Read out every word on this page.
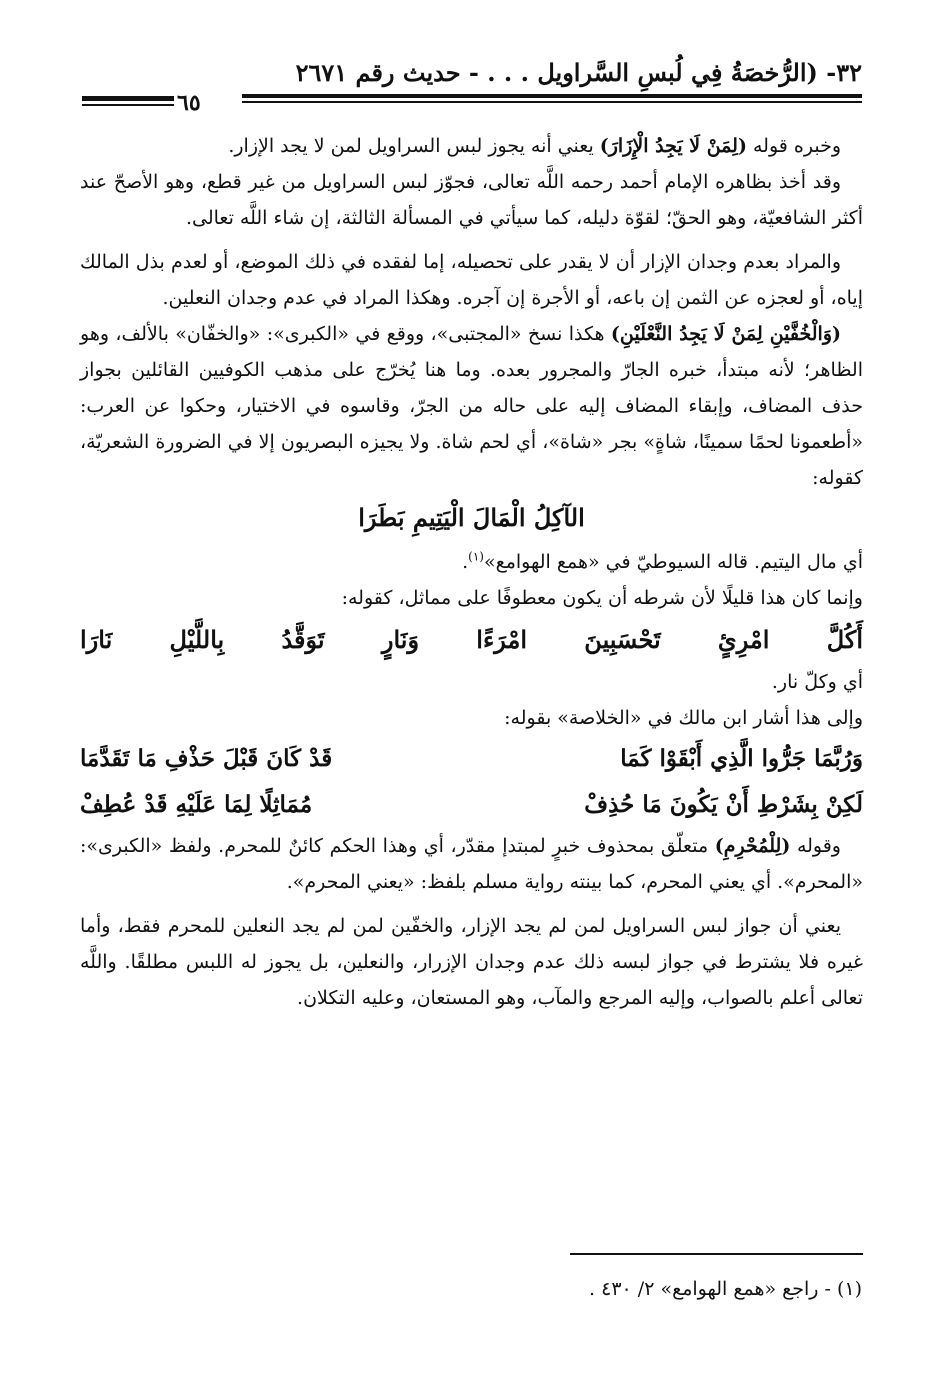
٣٢- (الرُّخصَةُ فِي لُبسِ السَّراويل . . . - حديث رقم ٢٦٧١
٦٥

وخبره قوله (لِمَنْ لَا يَجِدُ الْإِزَارَ) يعني أنه يجوز لبس السراويل لمن لا يجد الإزار.

وقد أخذ بظاهره الإمام أحمد رحمه اللَّه تعالى، فجوّز لبس السراويل من غير قطع، وهو الأصحّ عند أكثر الشافعيّة، وهو الحقّ؛ لقوّة دليله، كما سيأتي في المسألة الثالثة، إن شاء اللَّه تعالى.

والمراد بعدم وجدان الإزار أن لا يقدر على تحصيله، إما لفقده في ذلك الموضع، أو لعدم بذل المالك إياه، أو لعجزه عن الثمن إن باعه، أو الأجرة إن آجره. وهكذا المراد في عدم وجدان النعلين.

(وَالْخُفَّيْنِ لِمَنْ لَا يَجِدُ النَّعْلَيْنِ) هكذا نسخ «المجتبى»، ووقع في «الكبرى»: «والخفّان» بالألف، وهو الظاهر؛ لأنه مبتدأ، خبره الجارّ والمجرور بعده. وما هنا يُخرّج على مذهب الكوفيين القائلين بجواز حذف المضاف، وإبقاء المضاف إليه على حاله من الجرّ، وقاسوه في الاختيار، وحكوا عن العرب: «أطعمونا لحمًا سمينًا، شاةٍ» بجر «شاة»، أي لحم شاة. ولا يجيزه البصريون إلا في الضرورة الشعريّة، كقوله:

الآكِلُ الْمَالَ الْيَتِيمِ بَطَرَا

أي مال اليتيم. قاله السيوطيّ في «همع الهوامع»$^{(١)}$.

وإنما كان هذا قليلًا لأن شرطه أن يكون معطوفًا على مماثل، كقوله:

أَكُلَّ امْرِئٍ تَحْسَبِينَ امْرَءًا وَنَارٍ تَوَقَّدُ بِاللَّيْلِ نَارَا

أي وكلّ نار.

وإلى هذا أشار ابن مالك في «الخلاصة» بقوله:

وَرُبَّمَا جَرُّوا الَّذِي أَبْقَوْا كَمَا
قَدْ كَانَ قَبْلَ حَذْفِ مَا تَقَدَّمَا
لَكِنْ بِشَرْطِ أَنْ يَكُونَ مَا حُذِفْ
مُمَاثِلًا لِمَا عَلَيْهِ قَدْ عُطِفْ

وقوله (لِلْمُحْرِمِ) متعلّق بمحذوف خبرٍ لمبتدإ مقدّر، أي وهذا الحكم كائنٌ للمحرم. ولفظ «الكبرى»: «المحرم». أي يعني المحرم، كما بينته رواية مسلم بلفظ: «يعني المحرم».

يعني أن جواز لبس السراويل لمن لم يجد الإزار، والخفّين لمن لم يجد النعلين للمحرم فقط، وأما غيره فلا يشترط في جواز لبسه ذلك عدم وجدان الإزرار، والنعلين، بل يجوز له اللبس مطلقًا. واللَّه تعالى أعلم بالصواب، وإليه المرجع والمآب، وهو المستعان، وعليه التكلان.

(١) - راجع «همع الهوامع» ٢/ ٤٣٠ .
